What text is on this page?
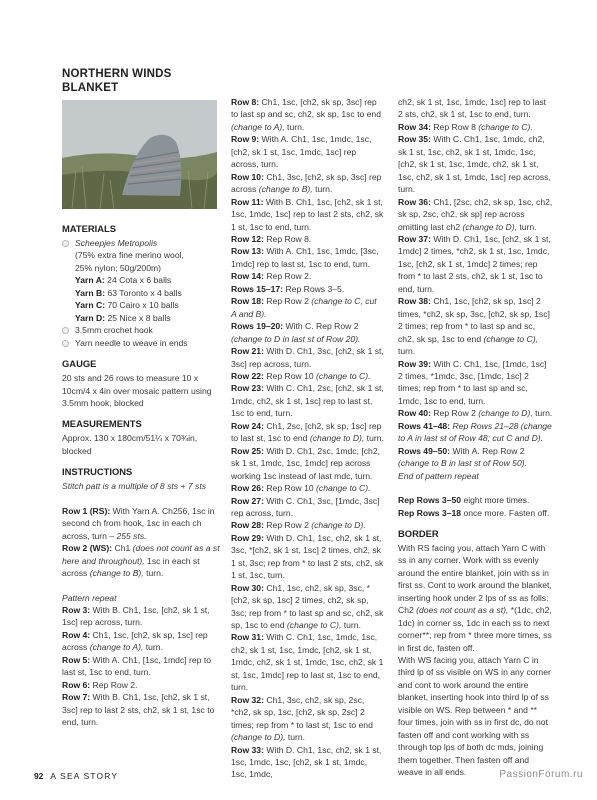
NORTHERN WINDS BLANKET
MATERIALS

Scheepjes Metropolis

(75% extra fine merino wool,

25% nylon; 50g/200m)

Yarn A: 24 Cota x 6 balls

Yarn B: 63 Toronto x 4 balls

Yarn C: 70 Cairo x 10 balls

Yarn D: 25 Nice x 8 balls

3.5mm crochet hook

Yarn needle to weave in ends

GAUGE

20 sts and 26 rows to measure 10 x 10cm/4 x 4in over mosaic pattern using 3.5mm hook, blocked

MEASUREMENTS

Approx. 130 x 180cm/51¼ x 70¾in, blocked

INSTRUCTIONS

Stitch patt is a multiple of 8 sts + 7 sts

Row 1 (RS): With Yarn A. Ch256, 1sc in second ch from hook, 1sc in each ch across, turn – 255 sts.

Row 2 (WS): Ch1 (does not count as a st here and throughout), 1sc in each st across (change to B), turn.

Pattern repeat

Row 3: With B. Ch1, 1sc, [ch2, sk 1 st, 1sc] rep across, turn.

Row 4: Ch1, 1sc, [ch2, sk sp, 1sc] rep across (change to A), turn.

Row 5: With A. Ch1, [1sc, 1mdc] rep to last st, 1sc to end, turn.

Row 6: Rep Row 2.

Row 7: With B. Ch1, 1sc, [ch2, sk 1 st, 3sc] rep to last 2 sts, ch2, sk 1 st, 1sc to end, turn.

Row 8: Ch1, 1sc, [ch2, sk sp, 3sc] rep to last sp and sc, ch2, sk sp, 1sc to end (change to A), turn.

Row 9: With A. Ch1, 1sc, 1mdc, 1sc, [ch2, sk 1 st, 1sc, 1mdc, 1sc] rep across, turn.

Row 10: Ch1, 3sc, [ch2, sk sp, 3sc] rep across (change to B), turn.

Row 11: With B. Ch1, 1sc, [ch2, sk 1 st, 1sc, 1mdc, 1sc] rep to last 2 sts, ch2, sk 1 st, 1sc to end, turn.

Row 12: Rep Row 8.

Row 13: With A. Ch1, 1sc, 1mdc, [3sc, 1mdc] rep to last st, 1sc to end, turn.

Row 14: Rep Row 2.

Rows 15–17: Rep Rows 3–5.

Row 18: Rep Row 2 (change to C, cut A and B).

Rows 19–20: With C. Rep Row 2 (change to D in last st of Row 20).

Row 21: With D. Ch1, 3sc, [ch2, sk 1 st, 3sc] rep across, turn.

Row 22: Rep Row 10 (change to C).

Row 23: With C. Ch1, 2sc, [ch2, sk 1 st, 1mdc, ch2, sk 1 st, 1sc] rep to last st, 1sc to end, turn.

Row 24: Ch1, 2sc, [ch2, sk sp, 1sc] rep to last st, 1sc to end (change to D), turn.

Row 25: With D. Ch1, 2sc, 1mdc, [ch2, sk 1 st, 1mdc, 1sc, 1mdc] rep across working 1sc instead of last mdc, turn.

Row 26: Rep Row 10 (change to C).

Row 27: With C. Ch1, 3sc, [1mdc, 3sc] rep across, turn.

Row 28: Rep Row 2 (change to D).

Row 29: With D. Ch1, 1sc, ch2, sk 1 st, 3sc, *[ch2, sk 1 st, 1sc] 2 times, ch2, sk 1 st, 3sc; rep from * to last 2 sts, ch2, sk 1 st, 1sc, turn.

Row 30: Ch1, 1sc, ch2, sk sp, 3sc, *[ch2, sk sp, 1sc] 2 times, ch2, sk sp, 3sc; rep from * to last sp and sc, ch2, sk sp, 1sc to end (change to C), turn.

Row 31: With C. Ch1, 1sc, 1mdc, 1sc, ch2, sk 1 st, 1sc, 1mdc, [ch2, sk 1 st, 1mdc, ch2, sk 1 st, 1mdc, 1sc, ch2, sk 1 st, 1sc, 1mdc] rep to last st, 1sc to end, turn.

Row 32: Ch1, 3sc, ch2, sk sp, 2sc, *ch2, sk sp, 1sc, [ch2, sk sp, 2sc] 2 times; rep from * to last st, 1sc to end (change to D), turn.

Row 33: With D. Ch1, 1sc, ch2, sk 1 st, 1sc, 1mdc, 1sc, [ch2, sk 1 st, 1mdc, 1sc, 1mdc,

ch2, sk 1 st, 1sc, 1mdc, 1sc] rep to last 2 sts, ch2, sk 1 st, 1sc to end, turn.

Row 34: Rep Row 8 (change to C).

Row 35: With C. Ch1, 1sc, 1mdc, ch2, sk 1 st, 1sc, ch2, sk 1 st, 1mdc, 1sc, [ch2, sk 1 st, 1sc, 1mdc, ch2, sk 1 st, 1sc, ch2, sk 1 st, 1mdc, 1sc] rep across, turn.

Row 36: Ch1, [2sc, ch2, sk sp, 1sc, ch2, sk sp, 2sc, ch2, sk sp] rep across omitting last ch2 (change to D), turn.

Row 37: With D. Ch1, 1sc, [ch2, sk 1 st, 1mdc] 2 times, *ch2, sk 1 st, 1sc, 1mdc, 1sc, [ch2, sk 1 st, 1mdc] 2 times; rep from * to last 2 sts, ch2, sk 1 st, 1sc to end, turn.

Row 38: Ch1, 1sc, [ch2, sk sp, 1sc] 2 times, *ch2, sk sp, 3sc, [ch2, sk sp, 1sc] 2 times; rep from * to last sp and sc, ch2, sk sp, 1sc to end (change to C), turn.

Row 39: With C. Ch1, 1sc, [1mdc, 1sc] 2 times, *1mdc, 3sc, [1mdc, 1sc] 2 times; rep from * to last sp and sc, 1mdc, 1sc to end, turn.

Row 40: Rep Row 2 (change to D), turn.

Rows 41–48: Rep Rows 21–28 (change to A in last st of Row 48; cut C and D).

Rows 49–50: With A. Rep Row 2 (change to B in last st of Row 50).

End of pattern repeat

Rep Rows 3–50 eight more times.

Rep Rows 3–18 once more. Fasten off.

BORDER

With RS facing you, attach Yarn C with ss in any corner. Work with ss evenly around the entire blanket, join with ss in first ss. Cont to work around the blanket, inserting hook under 2 lps of ss as folls: Ch2 (does not count as a st), *(1dc, ch2, 1dc) in corner ss, 1dc in each ss to next corner**; rep from * three more times, ss in first dc, fasten off.

With WS facing you, attach Yarn C in third lp of ss visible on WS in any corner and cont to work around the entire blanket, inserting hook into third lp of ss visible on WS. Rep between * and ** four times, join with ss in first dc, do not fasten off and cont working with ss through top lps of both dc mds, joining them together. Then fasten off and weave in all ends.

92 A SEA STORY	PassionForum.ru
